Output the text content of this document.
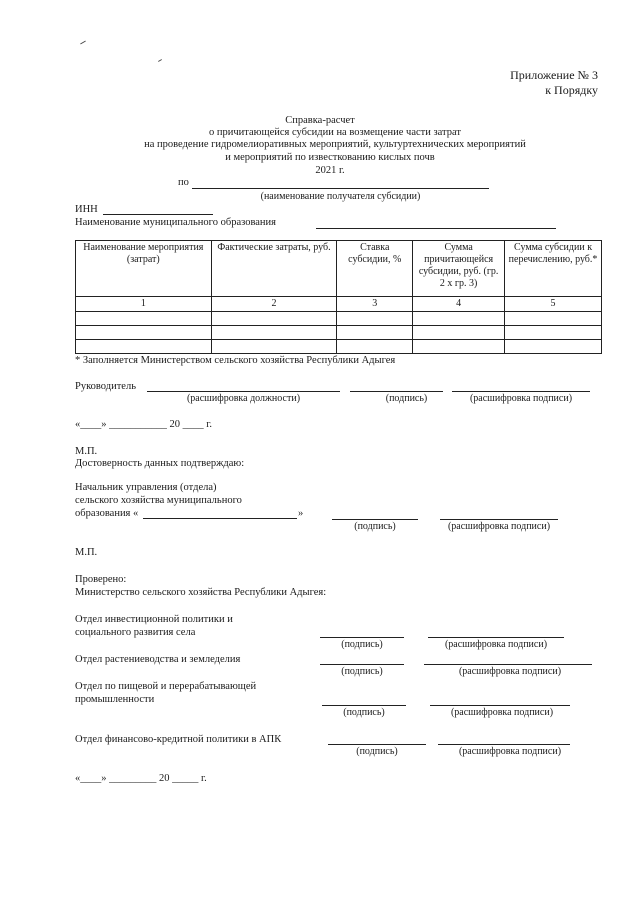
Приложение № 3
к Порядку
Справка-расчет
о причитающейся субсидии на возмещение части затрат
на проведение гидромелиоративных мероприятий, культуртехнических мероприятий
и мероприятий по известкованию кислых почв
2021 г.
по
(наименование получателя субсидии)
ИНН
Наименование муниципального образования
Наименование мероприятия (затрат)	Фактические затраты, руб.	Ставка субсидии, %	Сумма причитающейся субсидии, руб. (гр. 2 х гр. 3)	Сумма субсидии к перечислению, руб.*
1	2	3	4	5

* Заполняется Министерством сельского хозяйства Республики Адыгея
Руководитель
(расшифровка должности)	(подпись)	(расшифровка подписи)
«____» ___________ 20 ____ г.
М.П.
Достоверность данных подтверждаю:
Начальник управления (отдела)
сельского хозяйства муниципального
образования «	»
(подпись)	(расшифровка подписи)
М.П.
Проверено:
Министерство сельского хозяйства Республики Адыгея:
Отдел инвестиционной политики и
социального развития села
(подпись)	(расшифровка подписи)
Отдел растениеводства и земледелия
(подпись)	(расшифровка подписи)
Отдел по пищевой и перерабатывающей
промышленности
(подпись)	(расшифровка подписи)
Отдел финансово-кредитной политики в АПК
(подпись)	(расшифровка подписи)
«____» _________ 20 _____ г.
